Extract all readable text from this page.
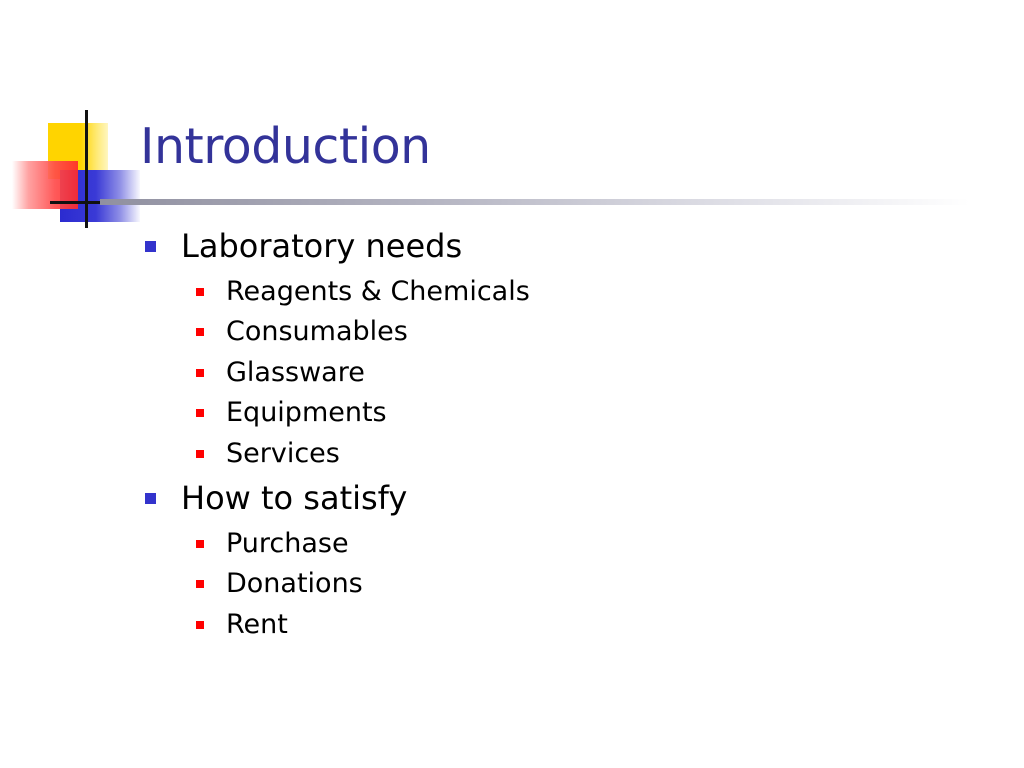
Introduction
Laboratory needs
Reagents & Chemicals
Consumables
Glassware
Equipments
Services
How to satisfy
Purchase
Donations
Rent
